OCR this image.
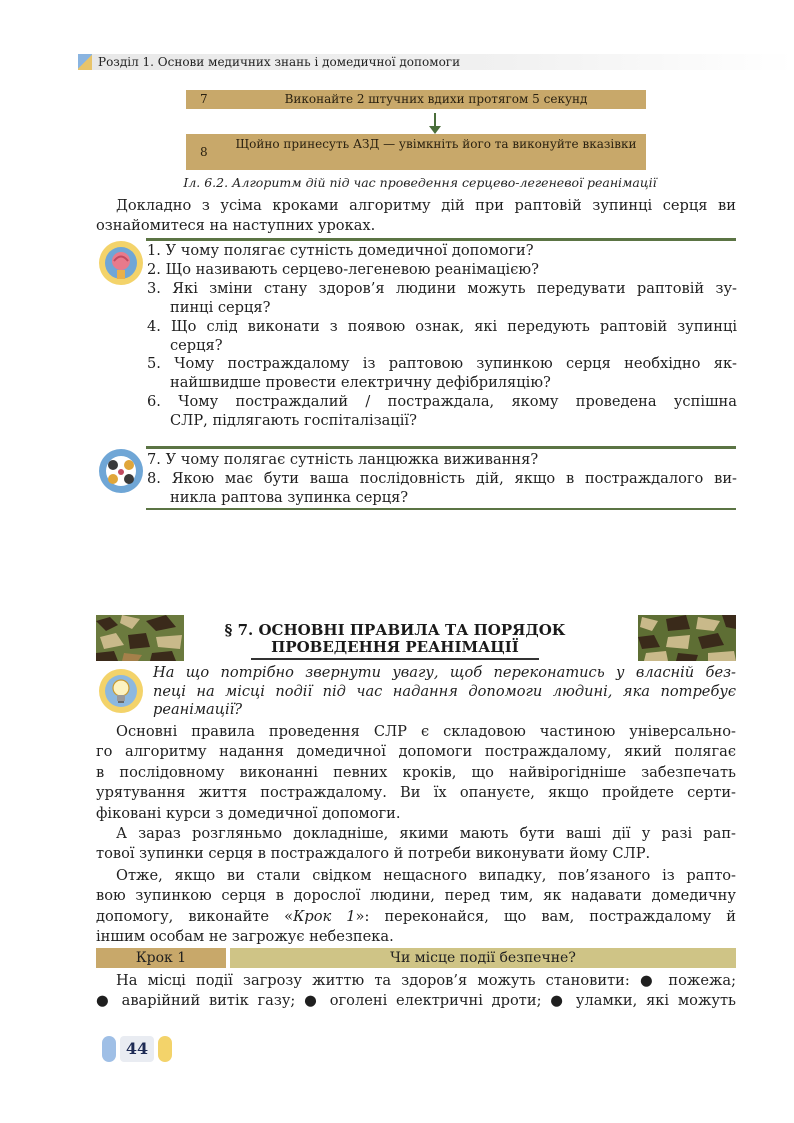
Розділ 1. Основи медичних знань і домедичної допомоги
7	Виконайте 2 штучних вдихи протягом 5 секунд
8
Щойно принесуть АЗД — увімкніть його та виконуйте вказівки
Іл. 6.2. Алгоритм дій під час проведення серцево-легеневої реанімації
Докладно з усіма кроками алгоритму дій при раптовій зупинці серця ви
ознайомитеся на наступних уроках.
1. У чому полягає сутність домедичної допомоги?
2. Що називають серцево-легеневою реанімацією?
3. Які зміни стану здоров’я людини можуть передувати раптовій зу-
пинці серця?
4. Що слід виконати з появою ознак, які передують раптовій зупинці
серця?
5. Чому постраждалому із раптовою зупинкою серця необхідно як-
найшвидше провести електричну дефібриляцію?
6. Чому постраждалий / постраждала, якому проведена успішна
СЛР, підлягають госпіталізації?
7. У чому полягає сутність ланцюжка виживання?
8. Якою має бути ваша послідовність дій, якщо в постраждалого ви-
никла раптова зупинка серця?
§ 7. ОСНОВНІ ПРАВИЛА ТА ПОРЯДОК
ПРОВЕДЕННЯ РЕАНІМАЦІЇ
На що потрібно звернути увагу, щоб переконатись у власній без-
пеці на місці події під час надання допомоги людині, яка потребує
реанімації?
Основні правила проведення СЛР є складовою частиною універсально-
го алгоритму надання домедичної допомоги постраждалому, який полягає
в послідовному виконанні певних кроків, що найвірогідніше забезпечать
урятування життя постраждалому. Ви їх опануєте, якщо пройдете серти-
фіковані курси з домедичної допомоги.
А зараз розгляньмо докладніше, якими мають бути ваші дії у разі рап-
тової зупинки серця в постраждалого й потреби виконувати йому СЛР.
Отже, якщо ви стали свідком нещасного випадку, пов’язаного із рапто-
вою зупинкою серця в дорослої людини, перед тим, як надавати домедичну
допомогу, виконайте «Крок 1»: переконайся, що вам, постраждалому й
іншим особам не загрожує небезпека.
Крок 1	Чи місце події безпечне?
На місці події загрозу життю та здоров’я можуть становити: ● пожежа;
● аварійний витік газу; ● оголені електричні дроти; ● уламки, які можуть
44
